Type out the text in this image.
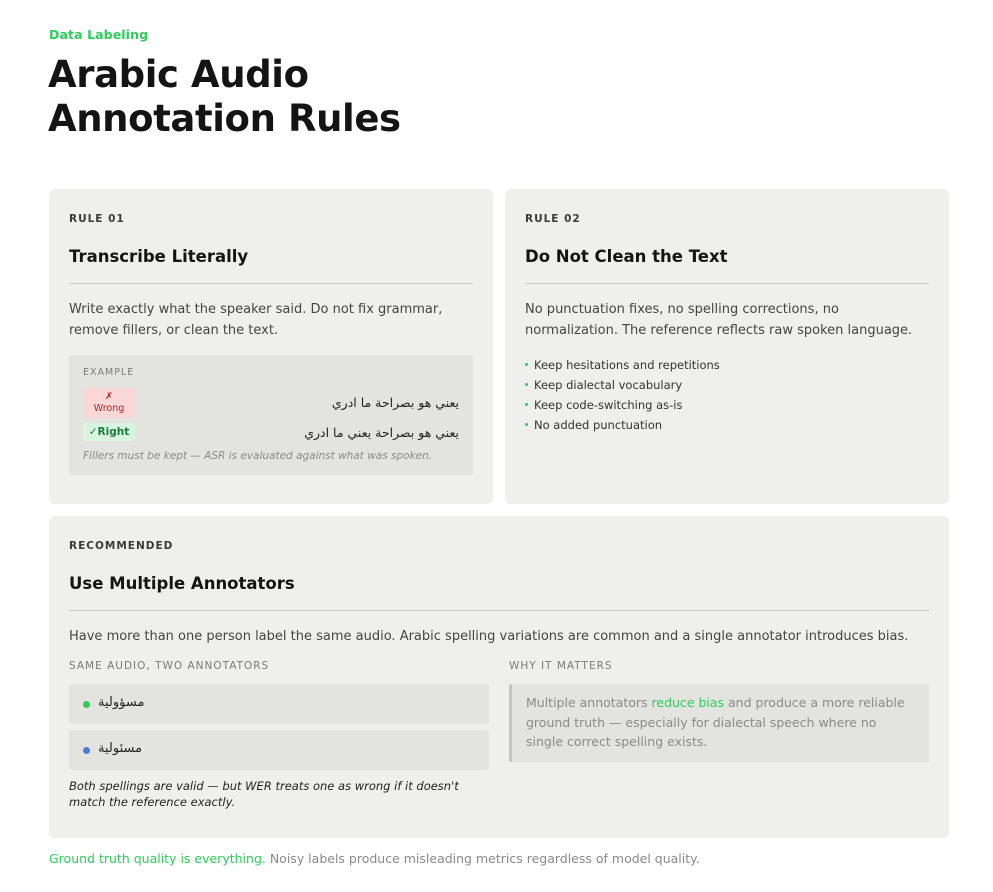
Data Labeling
Arabic Audio
Annotation Rules
RULE 01
Transcribe Literally
Write exactly what the speaker said. Do not fix grammar, remove fillers, or clean the text.
EXAMPLE
✗
Wrong	يعني هو بصراحة ما ادري
✓Right	يعني هو بصراحة يعني ما ادري
Fillers must be kept — ASR is evaluated against what was spoken.
RULE 02
Do Not Clean the Text
No punctuation fixes, no spelling corrections, no normalization. The reference reflects raw spoken language.
Keep hesitations and repetitions
Keep dialectal vocabulary
Keep code-switching as-is
No added punctuation
RECOMMENDED
Use Multiple Annotators
Have more than one person label the same audio. Arabic spelling variations are common and a single annotator introduces bias.
SAME AUDIO, TWO ANNOTATORS
مسؤولية
مسئولية
Both spellings are valid — but WER treats one as wrong if it doesn't match the reference exactly.
WHY IT MATTERS
Multiple annotators reduce bias and produce a more reliable ground truth — especially for dialectal speech where no single correct spelling exists.
Ground truth quality is everything. Noisy labels produce misleading metrics regardless of model quality.
